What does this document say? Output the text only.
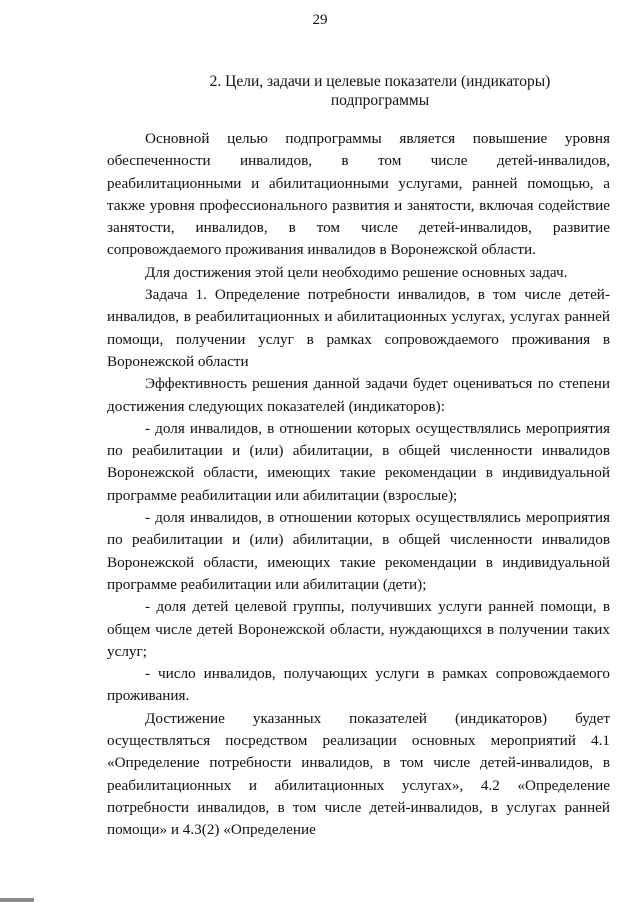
29
2. Цели, задачи и целевые показатели (индикаторы)
подпрограммы

Основной целью подпрограммы является повышение уровня обеспеченности инвалидов, в том числе детей-инвалидов, реабилитационными и абилитационными услугами, ранней помощью, а также уровня профессионального развития и занятости, включая содействие занятости, инвалидов, в том числе детей-инвалидов, развитие сопровождаемого проживания инвалидов в Воронежской области.

Для достижения этой цели необходимо решение основных задач.

Задача 1. Определение потребности инвалидов, в том числе детей-инвалидов, в реабилитационных и абилитационных услугах, услугах ранней помощи, получении услуг в рамках сопровождаемого проживания в Воронежской области

Эффективность решения данной задачи будет оцениваться по степени достижения следующих показателей (индикаторов):

- доля инвалидов, в отношении которых осуществлялись мероприятия по реабилитации и (или) абилитации, в общей численности инвалидов Воронежской области, имеющих такие рекомендации в индивидуальной программе реабилитации или абилитации (взрослые);

- доля инвалидов, в отношении которых осуществлялись мероприятия по реабилитации и (или) абилитации, в общей численности инвалидов Воронежской области, имеющих такие рекомендации в индивидуальной программе реабилитации или абилитации (дети);

- доля детей целевой группы, получивших услуги ранней помощи, в общем числе детей Воронежской области, нуждающихся в получении таких услуг;

- число инвалидов, получающих услуги в рамках сопровождаемого проживания.

Достижение указанных показателей (индикаторов) будет осуществляться посредством реализации основных мероприятий 4.1 «Определение потребности инвалидов, в том числе детей-инвалидов, в реабилитационных и абилитационных услугах», 4.2 «Определение потребности инвалидов, в том числе детей-инвалидов, в услугах ранней помощи» и 4.3(2) «Определение
